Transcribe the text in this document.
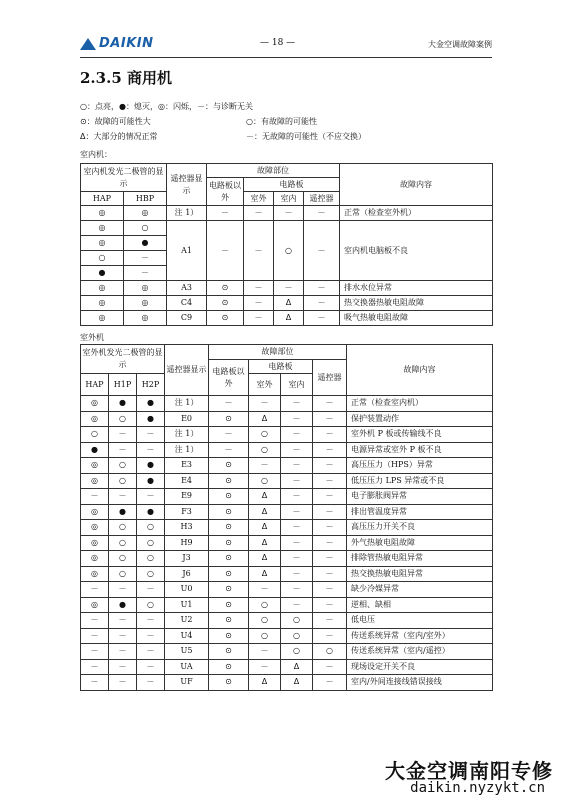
DAIKIN	— 18 —	大金空调故障案例
2.3.5 商用机
○：点亮，●：熄灭，◎：闪烁，－：与诊断无关
⊙：故障的可能性大	○：有故障的可能性
Δ：大部分的情况正常	－：无故障的可能性（不应交换）
室内机：
室内机发光二极管的显示		遥控器显示	故障部位				故障内容
			电路板以外	电路板			
HAP	HBP			室外	室内	遥控器	
◎	◎	注 1）	－	－	－	－	正常（检查室外机）
◎	○	A1	－	－	○	－	室内机电脑板不良
◎	●						
○	－						
●	－						
◎	◎	A3	⊙	－	－	－	排水水位异常
◎	◎	C4	⊙	－	Δ	－	热交换器热敏电阻故障
◎	◎	C9	⊙	－	Δ	－	吸气热敏电阻故障
室外机
室外机发光二极管的显示			遥控器显示	故障部位				故障内容
				电路板以外	电路板		遥控器	
HAP	H1P	H2P			室外	室内		
◎	●	●	注 1）	－	－	－	－	正常（检查室内机）
◎	○	●	E0	⊙	Δ	－	－	保护装置动作
○	－	－	注 1）	－	○	－	－	室外机 P 板或传输线不良
●	－	－	注 1）	－	○	－	－	电源异常或室外 P 板不良
◎	○	●	E3	⊙	－	－	－	高压压力（HPS）异常
◎	○	●	E4	⊙	○	－	－	低压压力 LPS 异常或不良
－	－	－	E9	⊙	Δ	－	－	电子膨胀阀异常
◎	●	●	F3	⊙	Δ	－	－	排出管温度异常
◎	○	○	H3	⊙	Δ	－	－	高压压力开关不良
◎	○	○	H9	⊙	Δ	－	－	外气热敏电阻故障
◎	○	○	J3	⊙	Δ	－	－	排除管热敏电阻异常
◎	○	○	J6	⊙	Δ	－	－	热交换热敏电阻异常
－	－	－	U0	⊙	－	－	－	缺少冷媒异常
◎	●	○	U1	⊙	○	－	－	逆相、缺相
－	－	－	U2	⊙	○	○	－	低电压
－	－	－	U4	⊙	○	○	－	传送系统异常（室内/室外）
－	－	－	U5	⊙	－	○	○	传送系统异常（室内/遥控）
－	－	－	UA	⊙	－	Δ	－	现场设定开关不良
－	－	－	UF	⊙	Δ	Δ	－	室内/外间连接线错误接线
大金空调南阳专修
daikin.nyzykt.cn
